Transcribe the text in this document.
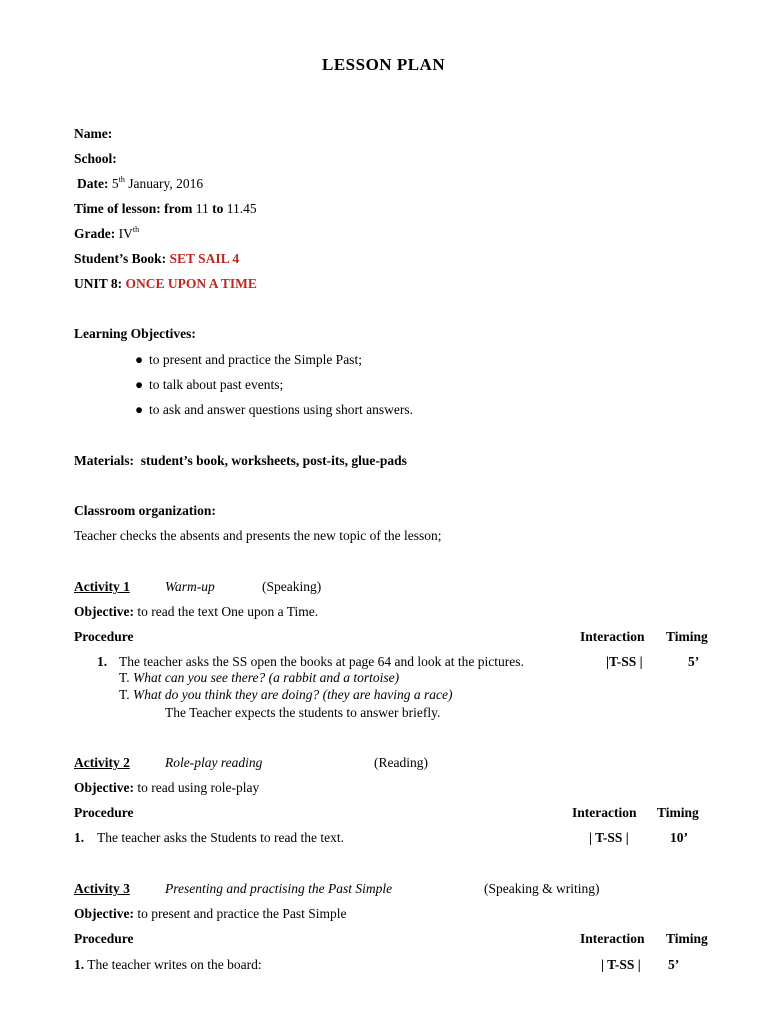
LESSON PLAN
Name:
School:
Date: 5th January, 2016
Time of lesson: from 11 to 11.45
Grade: IVth
Student’s Book: SET SAIL 4
UNIT 8: ONCE UPON A TIME
Learning Objectives:
● to present and practice the Simple Past;
● to talk about past events;
● to ask and answer questions using short answers.
Materials: student’s book, worksheets, post-its, glue-pads
Classroom organization:
Teacher checks the absents and presents the new topic of the lesson;
Activity 1	Warm-up	(Speaking)
Objective: to read the text One upon a Time.
Procedure	Interaction Timing
1. The teacher asks the SS open the books at page 64 and look at the pictures.	|T-SS |	5’
T. What can you see there? (a rabbit and a tortoise)
T. What do you think they are doing? (they are having a race)
The Teacher expects the students to answer briefly.
Activity 2	Role-play reading	(Reading)
Objective: to read using role-play
Procedure	Interaction Timing
1. The teacher asks the Students to read the text.	| T-SS |	10’
Activity 3	Presenting and practising the Past Simple	(Speaking & writing)
Objective: to present and practice the Past Simple
Procedure	Interaction Timing
1. The teacher writes on the board:	| T-SS | 5’
